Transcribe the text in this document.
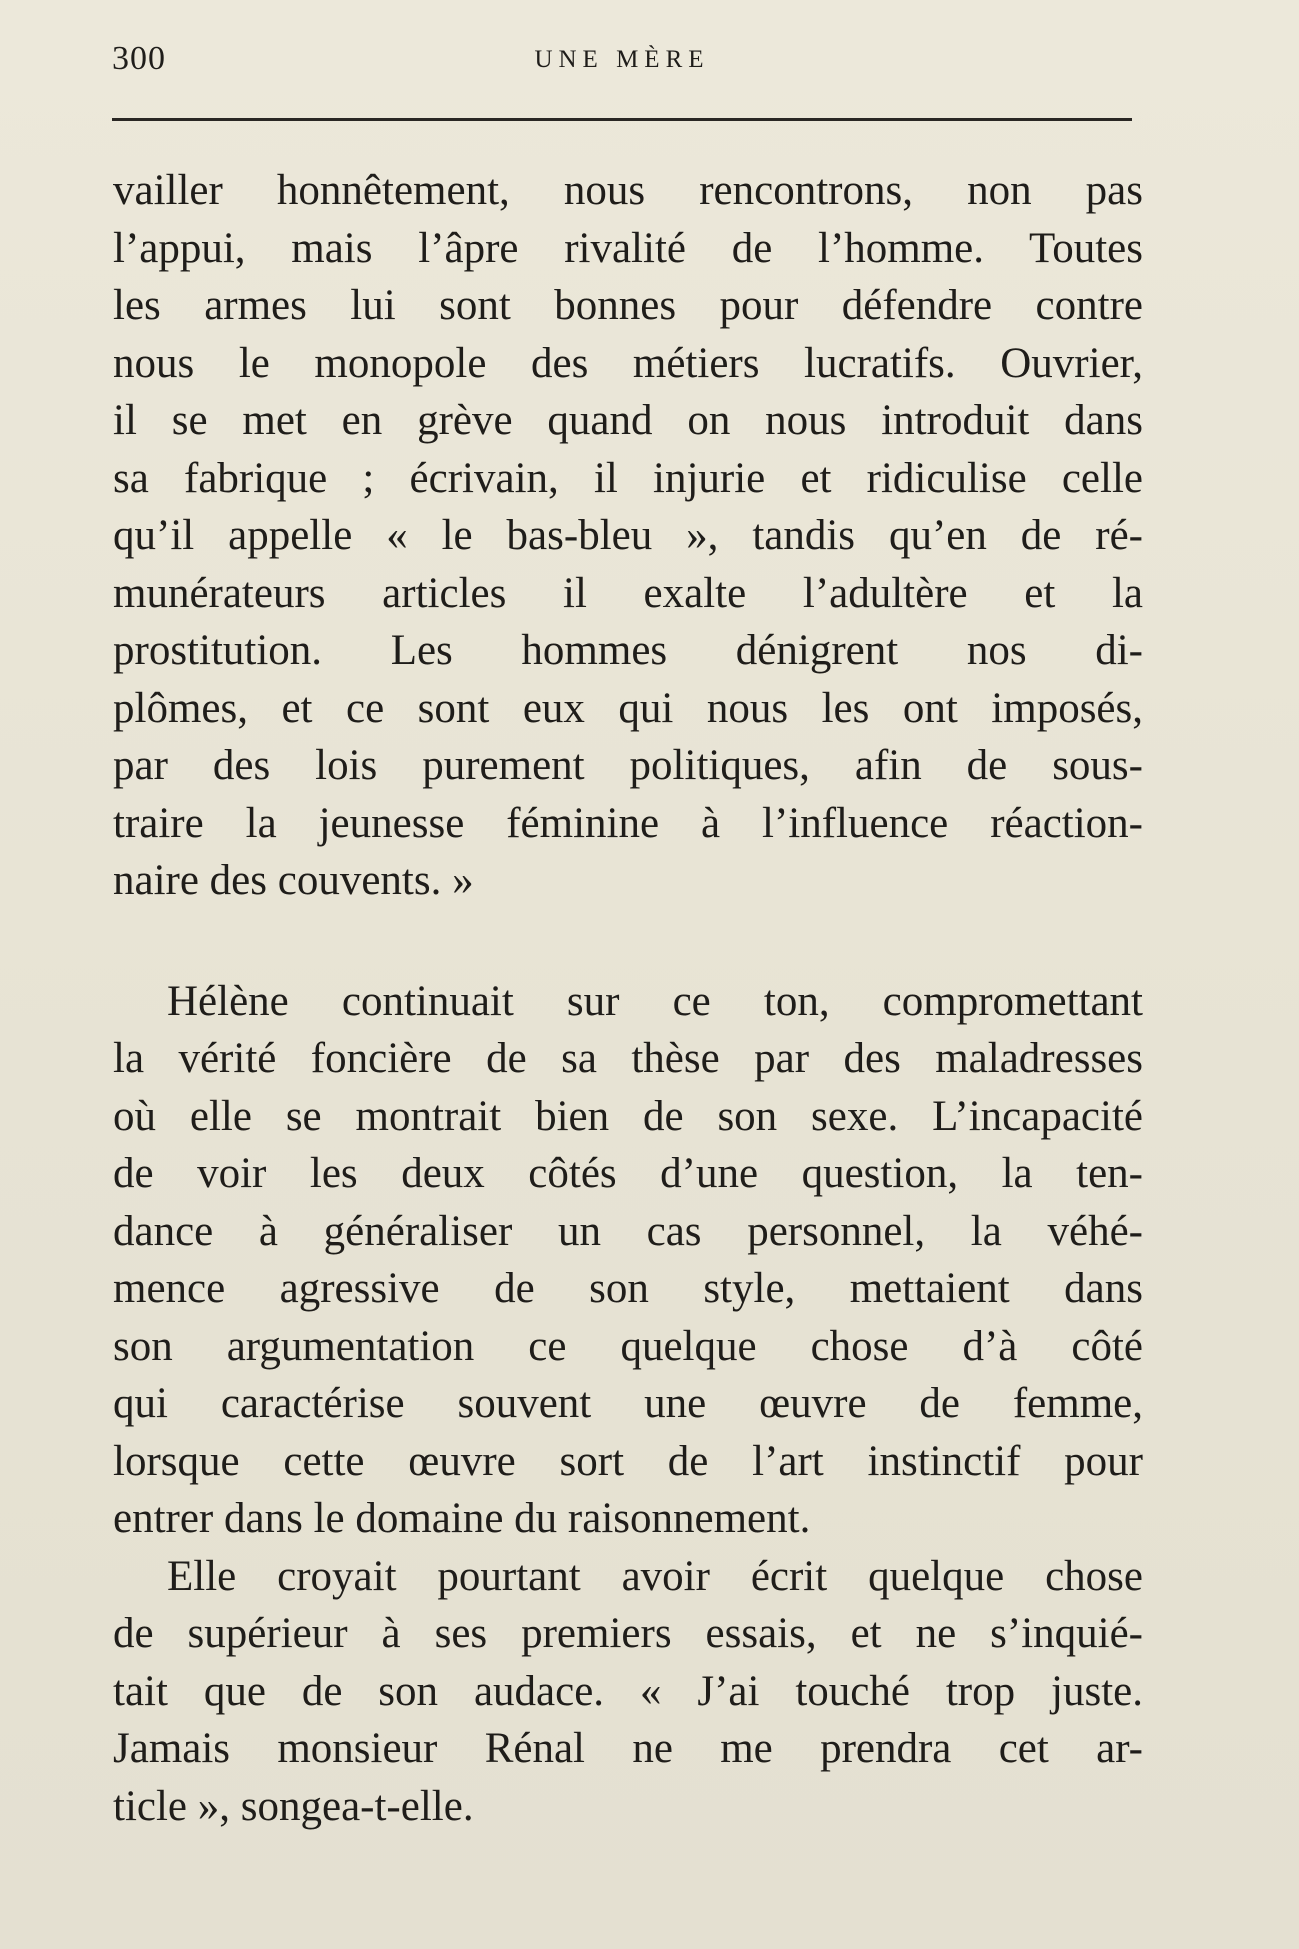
300	UNE MÈRE
vailler honnêtement, nous rencontrons, non pas
l’appui, mais l’âpre rivalité de l’homme. Toutes
les armes lui sont bonnes pour défendre contre
nous le monopole des métiers lucratifs. Ouvrier,
il se met en grève quand on nous introduit dans
sa fabrique ; écrivain, il injurie et ridiculise celle
qu’il appelle « le bas-bleu », tandis qu’en de ré-
munérateurs articles il exalte l’adultère et la
prostitution. Les hommes dénigrent nos di-
plômes, et ce sont eux qui nous les ont imposés,
par des lois purement politiques, afin de sous-
traire la jeunesse féminine à l’influence réaction-
naire des couvents. »
Hélène continuait sur ce ton, compromettant
la vérité foncière de sa thèse par des maladresses
où elle se montrait bien de son sexe. L’incapacité
de voir les deux côtés d’une question, la ten-
dance à généraliser un cas personnel, la véhé-
mence agressive de son style, mettaient dans
son argumentation ce quelque chose d’à côté
qui caractérise souvent une œuvre de femme,
lorsque cette œuvre sort de l’art instinctif pour
entrer dans le domaine du raisonnement.
Elle croyait pourtant avoir écrit quelque chose
de supérieur à ses premiers essais, et ne s’inquié-
tait que de son audace. « J’ai touché trop juste.
Jamais monsieur Rénal ne me prendra cet ar-
ticle », songea-t-elle.
